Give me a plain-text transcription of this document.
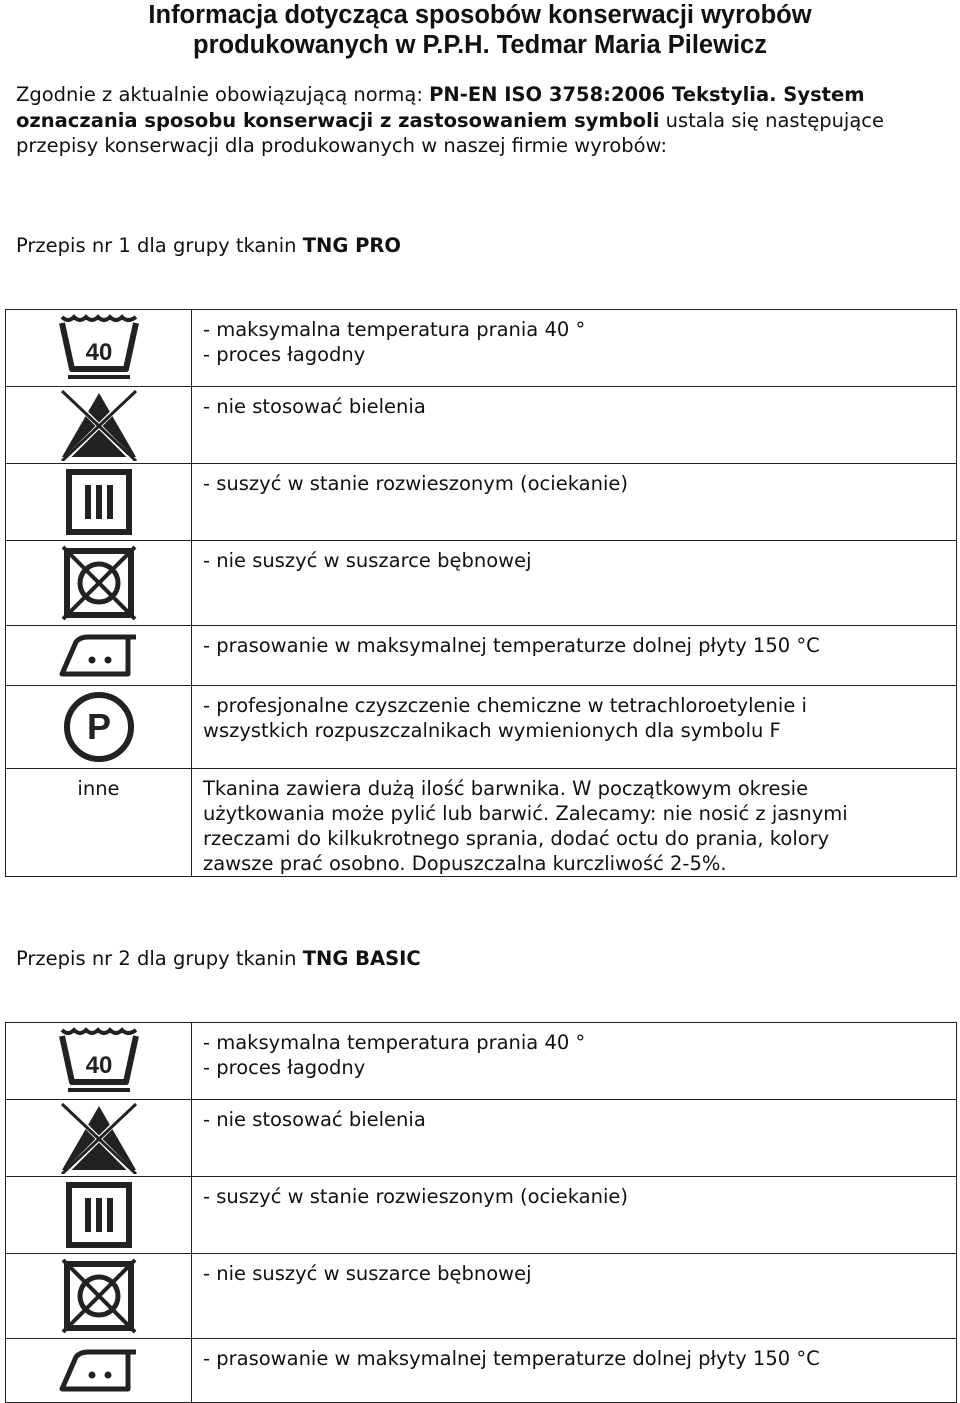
Informacja dotycząca sposobów konserwacji wyrobów
produkowanych w P.P.H. Tedmar Maria Pilewicz

Zgodnie z aktualnie obowiązującą normą: PN-EN ISO 3758:2006 Tekstylia. System oznaczania sposobu konserwacji z zastosowaniem symboli ustala się następujące przepisy konserwacji dla produkowanych w naszej firmie wyrobów:

Przepis nr 1 dla grupy tkanin TNG PRO

40	- maksymalna temperatura prania 40 °
- proces łagodny

- nie stosować bielenia

- suszyć w stanie rozwieszonym (ociekanie)

- nie suszyć w suszarce bębnowej

- prasowanie w maksymalnej temperaturze dolnej płyty 150 °C

P	- profesjonalne czyszczenie chemiczne w tetrachloroetylenie i
wszystkich rozpuszczalnikach wymienionych dla symbolu F

inne	Tkanina zawiera dużą ilość barwnika. W początkowym okresie
użytkowania może pylić lub barwić. Zalecamy: nie nosić z jasnymi
rzeczami do kilkukrotnego sprania, dodać octu do prania, kolory
zawsze prać osobno. Dopuszczalna kurczliwość 2-5%.

Przepis nr 2 dla grupy tkanin TNG BASIC

40	- maksymalna temperatura prania 40 °
- proces łagodny

- nie stosować bielenia

- suszyć w stanie rozwieszonym (ociekanie)

- nie suszyć w suszarce bębnowej

- prasowanie w maksymalnej temperaturze dolnej płyty 150 °C
